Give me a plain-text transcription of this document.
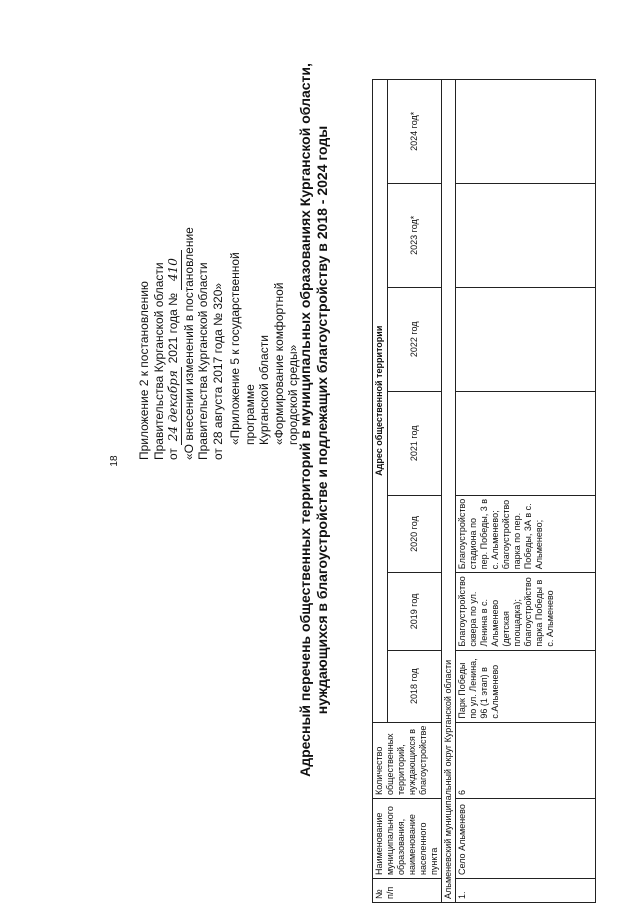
18
Приложение 2 к постановлению Правительства Курганской области от 24 декабря 2021 года № 410 «О внесении изменений в постановление Правительства Курганской области от 28 августа 2017 года № 320» «Приложение 5 к государственной программе Курганской области «Формирование комфортной городской среды»
Адресный перечень общественных территорий в муниципальных образованиях Курганской области, нуждающихся в благоустройстве и подлежащих благоустройству в 2018 - 2024 годы
№ п/п	Наименование муниципального образования, наименование населенного пункта	Количество общественных территорий, нуждающихся в благоустройстве	Адрес общественной территории						
			2018 год	2019 год	2020 год	2021 год	2022 год	2023 год*	2024 год*
Альменевский муниципальный округ Курганской области									
1.	Село Альменево	6	Парк Победы по ул. Ленина, 96 (1 этап) в с.Альменево	Благоустройство сквера по ул. Ленина в с. Альменево (детская площадка); благоустройство парка Победы в с. Альменево	Благоустройство стадиона по пер. Победы, 3 в с. Альменево; благоустройство парка по пер. Победы, 3А в с. Альменево;				
